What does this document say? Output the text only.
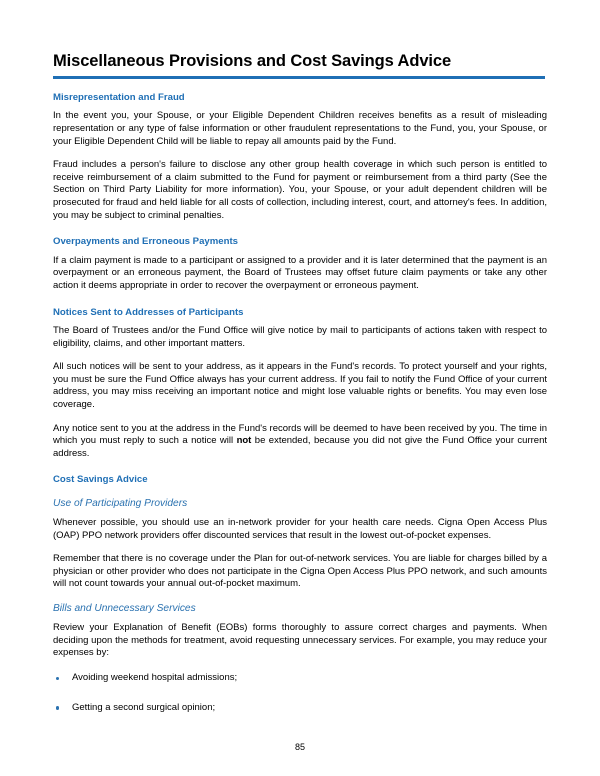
Miscellaneous Provisions and Cost Savings Advice
Misrepresentation and Fraud

In the event you, your Spouse, or your Eligible Dependent Children receives benefits as a result of misleading representation or any type of false information or other fraudulent representations to the Fund, you, your Spouse, or your Eligible Dependent Child will be liable to repay all amounts paid by the Fund.

Fraud includes a person's failure to disclose any other group health coverage in which such person is entitled to receive reimbursement of a claim submitted to the Fund for payment or reimbursement from a third party (See the Section on Third Party Liability for more information). You, your Spouse, or your adult dependent children will be prosecuted for fraud and held liable for all costs of collection, including interest, court, and attorney's fees. In addition, you may be subject to criminal penalties.

Overpayments and Erroneous Payments

If a claim payment is made to a participant or assigned to a provider and it is later determined that the payment is an overpayment or an erroneous payment, the Board of Trustees may offset future claim payments or take any other action it deems appropriate in order to recover the overpayment or erroneous payment.

Notices Sent to Addresses of Participants

The Board of Trustees and/or the Fund Office will give notice by mail to participants of actions taken with respect to eligibility, claims, and other important matters.

All such notices will be sent to your address, as it appears in the Fund's records. To protect yourself and your rights, you must be sure the Fund Office always has your current address. If you fail to notify the Fund Office of your current address, you may miss receiving an important notice and might lose valuable rights or benefits. You may even lose coverage.

Any notice sent to you at the address in the Fund's records will be deemed to have been received by you. The time in which you must reply to such a notice will not be extended, because you did not give the Fund Office your current address.

Cost Savings Advice
Use of Participating Providers

Whenever possible, you should use an in-network provider for your health care needs. Cigna Open Access Plus (OAP) PPO network providers offer discounted services that result in the lowest out-of-pocket expenses.

Remember that there is no coverage under the Plan for out-of-network services. You are liable for charges billed by a physician or other provider who does not participate in the Cigna Open Access Plus PPO network, and such amounts will not count towards your annual out-of-pocket maximum.

Bills and Unnecessary Services

Review your Explanation of Benefit (EOBs) forms thoroughly to assure correct charges and payments. When deciding upon the methods for treatment, avoid requesting unnecessary services. For example, you may reduce your expenses by:

Avoiding weekend hospital admissions;
Getting a second surgical opinion;
85
